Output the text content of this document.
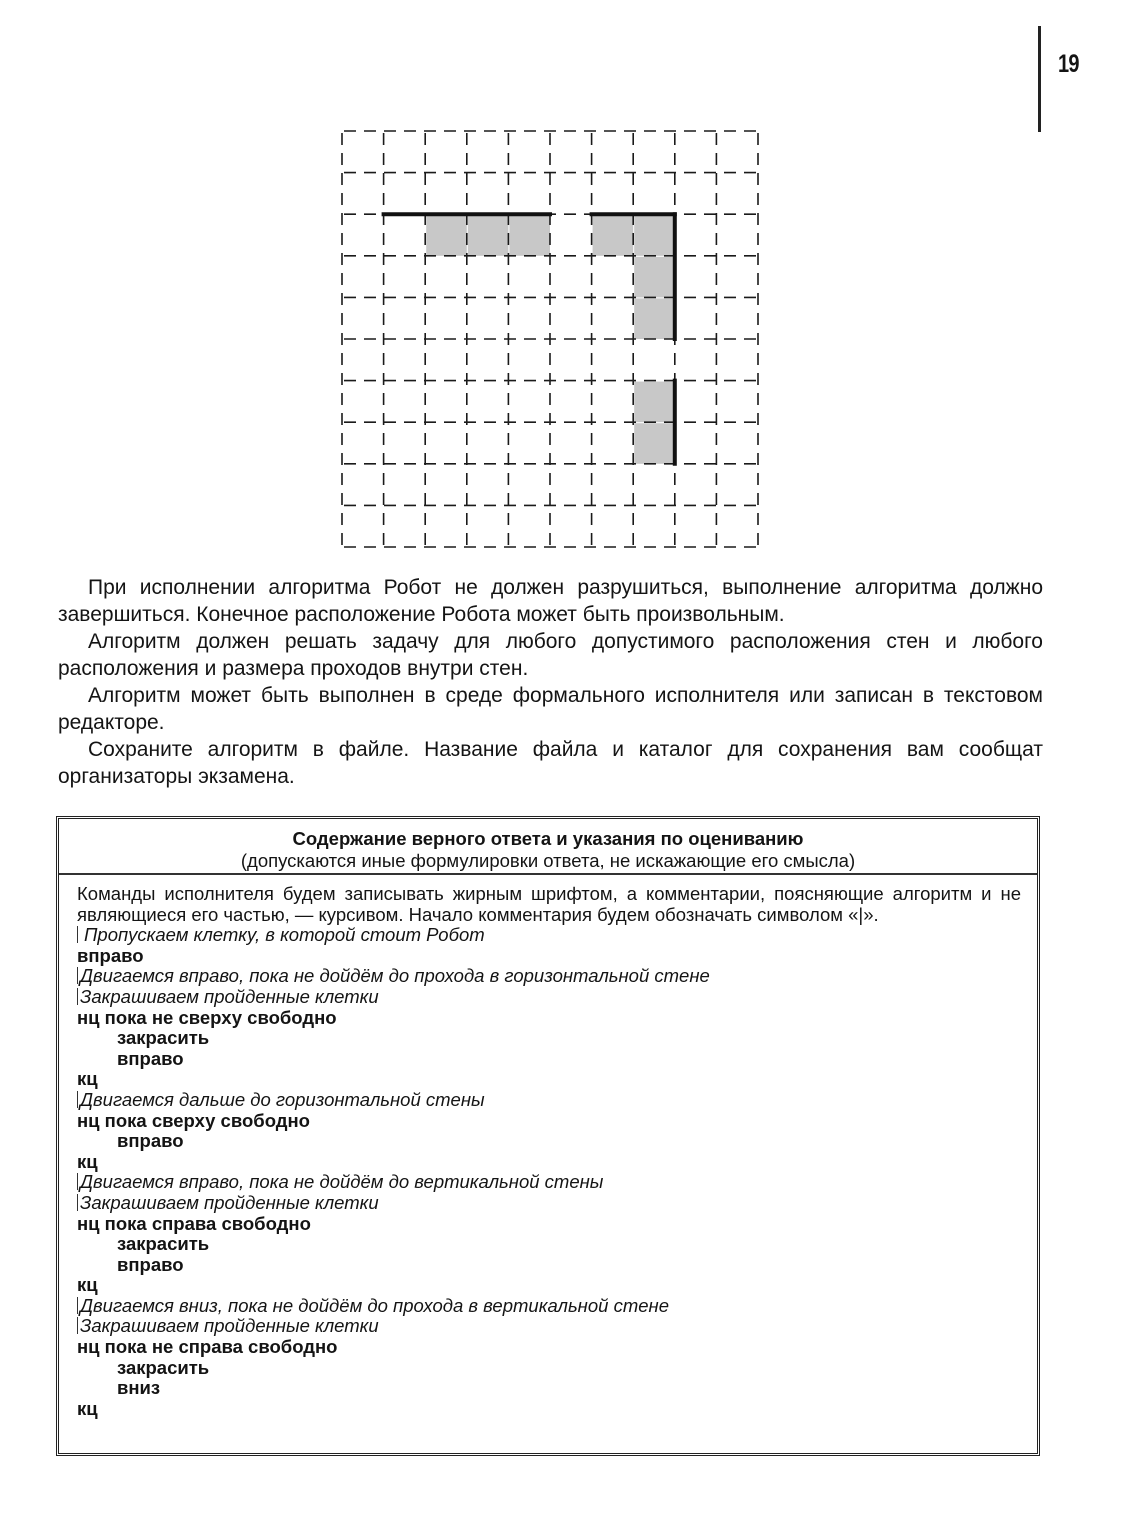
19

При исполнении алгоритма Робот не должен разрушиться, выполнение алгоритма должно завершиться. Конечное расположение Робота может быть произвольным.

Алгоритм должен решать задачу для любого допустимого расположения стен и любого расположения и размера проходов внутри стен.

Алгоритм может быть выполнен в среде формального исполнителя или записан в текстовом редакторе.

Сохраните алгоритм в файле. Название файла и каталог для сохранения вам сообщат организаторы экзамена.

Содержание верного ответа и указания по оцениванию
(допускаются иные формулировки ответа, не искажающие его смысла)
Команды исполнителя будем записывать жирным шрифтом, а комментарии, поясняющие алгоритм и не являющиеся его частью, — курсивом. Начало комментария будем обозначать символом «|».
Пропускаем клетку, в которой стоит Робот
вправо
Двигаемся вправо, пока не дойдём до прохода в горизонтальной стене
Закрашиваем пройденные клетки
нц пока не сверху свободно
закрасить
вправо
кц
Двигаемся дальше до горизонтальной стены
нц пока сверху свободно
вправо
кц
Двигаемся вправо, пока не дойдём до вертикальной стены
Закрашиваем пройденные клетки
нц пока справа свободно
закрасить
вправо
кц
Двигаемся вниз, пока не дойдём до прохода в вертикальной стене
Закрашиваем пройденные клетки
нц пока не справа свободно
закрасить
вниз
кц
